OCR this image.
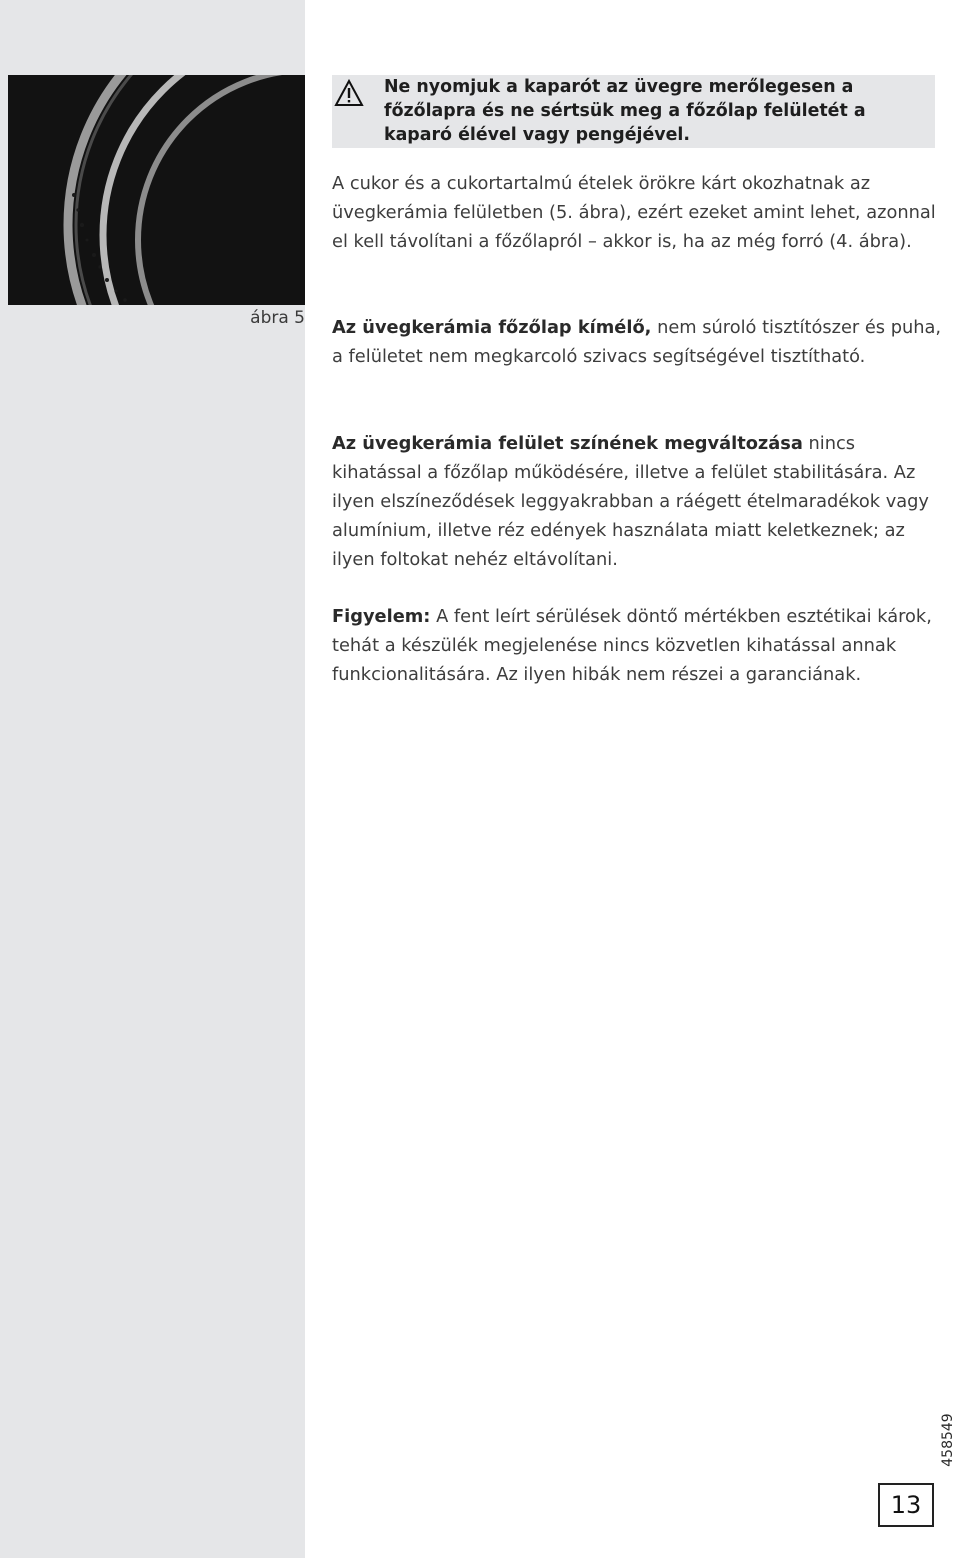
ábra 5
Ne nyomjuk a kaparót az üvegre merőlegesen a főzőlapra és ne sértsük meg a főzőlap felületét a kaparó élével vagy pengéjével.

A cukor és a cukortartalmú ételek örökre kárt okozhatnak az üvegkerámia felületben (5. ábra), ezért ezeket amint lehet, azonnal el kell távolítani a főzőlapról – akkor is, ha az még forró (4. ábra).

Az üvegkerámia főzőlap kímélő, nem súroló tisztítószer és puha, a felületet nem megkarcoló szivacs segítségével tisztítható.

Az üvegkerámia felület színének megváltozása nincs kihatással a főzőlap működésére, illetve a felület stabilitására. Az ilyen elszíneződések leggyakrabban a ráégett ételmaradékok vagy alumínium, illetve réz edények használata miatt keletkeznek; az ilyen foltokat nehéz eltávolítani.

Figyelem: A fent leírt sérülések döntő mértékben esztétikai károk, tehát a készülék megjelenése nincs közvetlen kihatással annak funkcionalitására. Az ilyen hibák nem részei a garanciának.

458549
13
